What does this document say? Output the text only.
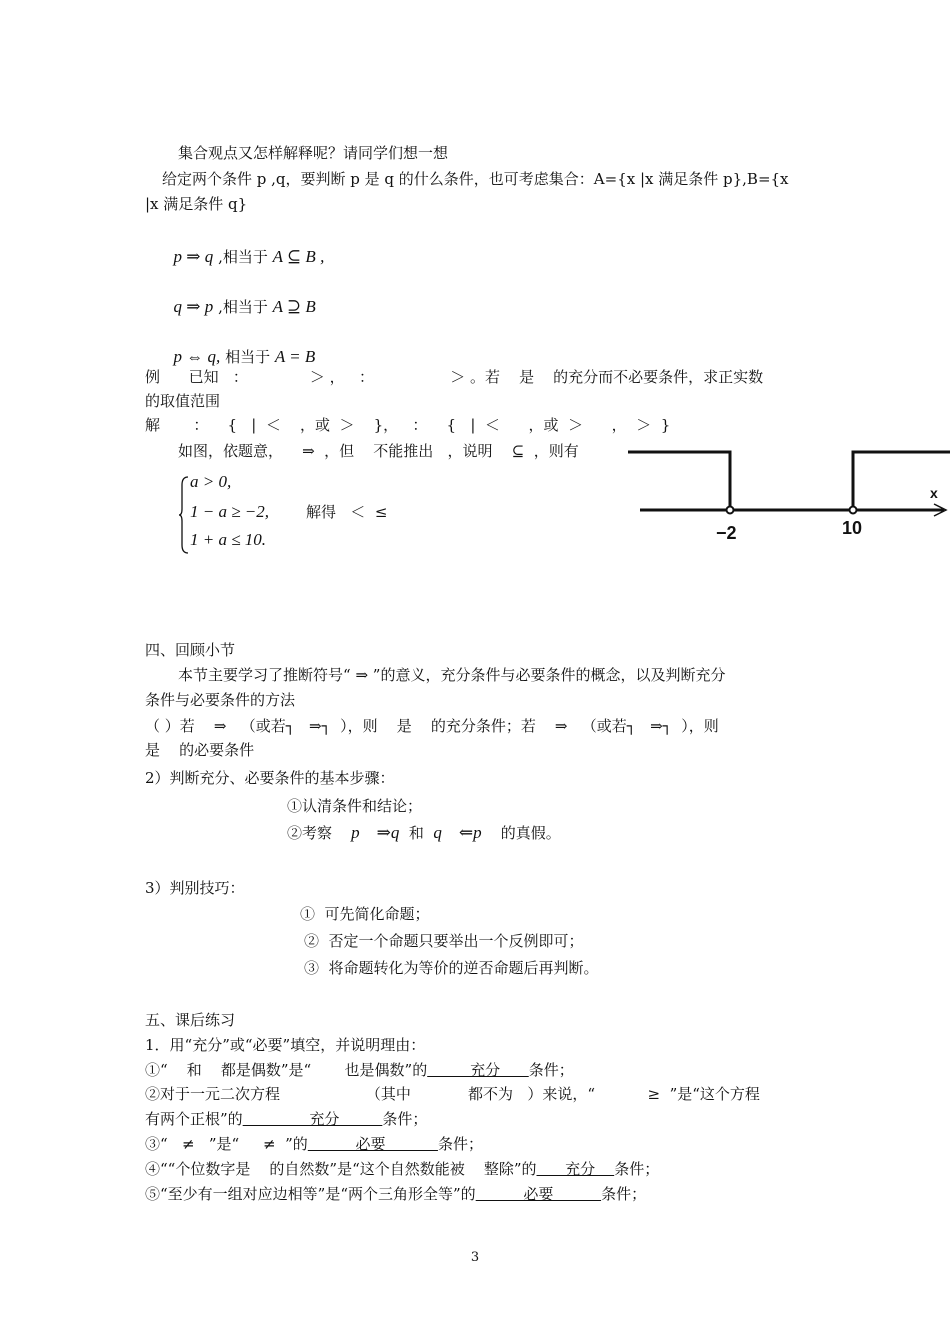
集合观点又怎样解释呢？请同学们想一想
给定两个条件 p ,q，要判断 p 是 q 的什么条件，也可考虑集合：A={x |x 满足条件 p},B={x
|x 满足条件 q}

p ⇒ q ,相当于 A ⊆ B ,

q ⇒ p ,相当于 A ⊇ B

p ⇔ q, 相当于 A = B

例      已知   ：             ＞ ，   ：                ＞ 。若    是    的充分而不必要条件，求正实数
的取值范围
解       ：    {   |  ＜    ，或  ＞    }，   ：    {   |  ＜      ，或  ＞      ，  ＞  }
如图，依题意，    ⇒  ，但    不能推出   ，说明    ⊆  ，则有
a > 0,
1 − a ≥ −2,
1 + a ≤ 10.
解得   ＜  ≤
−2	10
x
四、回顾小节
本节主要学习了推断符号“ ⇒ ”的意义，充分条件与必要条件的概念，以及判断充分
条件与必要条件的方法
（ ）若    ⇒   （或若┐   ⇒┐  ），则    是    的充分条件；若    ⇒   （或若┐   ⇒┐  ），则
是    的必要条件
2）判断充分、必要条件的基本步骤：
①认清条件和结论；
②考察    p    ⇒q  和  q    ⇐p    的真假。
3）判别技巧：
①  可先简化命题；
②  否定一个命题只要举出一个反例即可；
③  将命题转化为等价的逆否命题后再判断。
五、课后练习
1．用“充分”或“必要”填空，并说明理由：
①“    和    都是偶数”是“       也是偶数”的         充分      条件；
②对于一元二次方程                  （其中            都不为   ）来说，“           ≥  ”是“这个方程
有两个正根”的              充分         条件；
③“   ≠   ”是“     ≠  ”的          必要           条件；
④““个位数字是    的自然数”是“这个自然数能被    整除”的      充分    条件；
⑤“至少有一组对应边相等”是“两个三角形全等”的          必要          条件；
3
